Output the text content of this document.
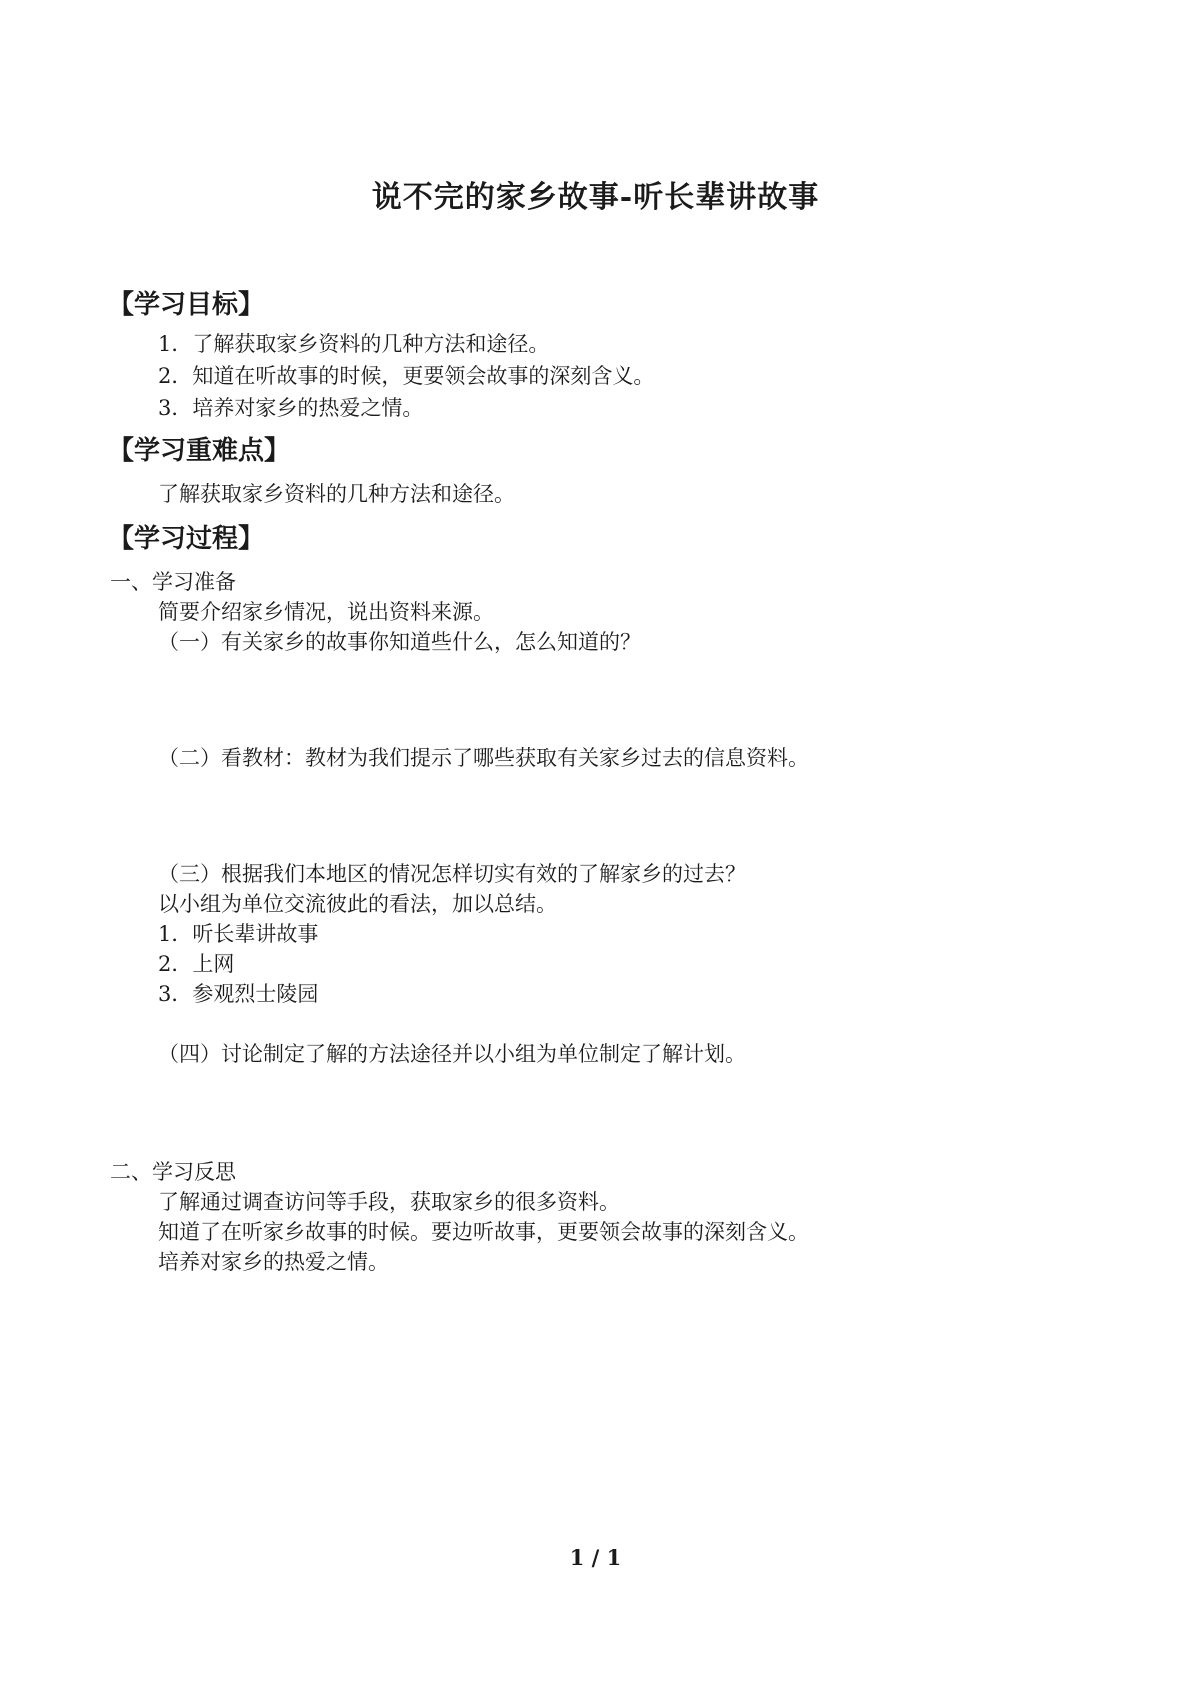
说不完的家乡故事-听长辈讲故事
【学习目标】
1．了解获取家乡资料的几种方法和途径。
2．知道在听故事的时候，更要领会故事的深刻含义。
3．培养对家乡的热爱之情。
【学习重难点】
了解获取家乡资料的几种方法和途径。
【学习过程】
一、学习准备
简要介绍家乡情况，说出资料来源。
（一）有关家乡的故事你知道些什么，怎么知道的？
（二）看教材：教材为我们提示了哪些获取有关家乡过去的信息资料。
（三）根据我们本地区的情况怎样切实有效的了解家乡的过去？
以小组为单位交流彼此的看法，加以总结。
1．听长辈讲故事
2．上网
3．参观烈士陵园
（四）讨论制定了解的方法途径并以小组为单位制定了解计划。
二、学习反思
了解通过调查访问等手段，获取家乡的很多资料。
知道了在听家乡故事的时候。要边听故事，更要领会故事的深刻含义。
培养对家乡的热爱之情。
1 / 1
